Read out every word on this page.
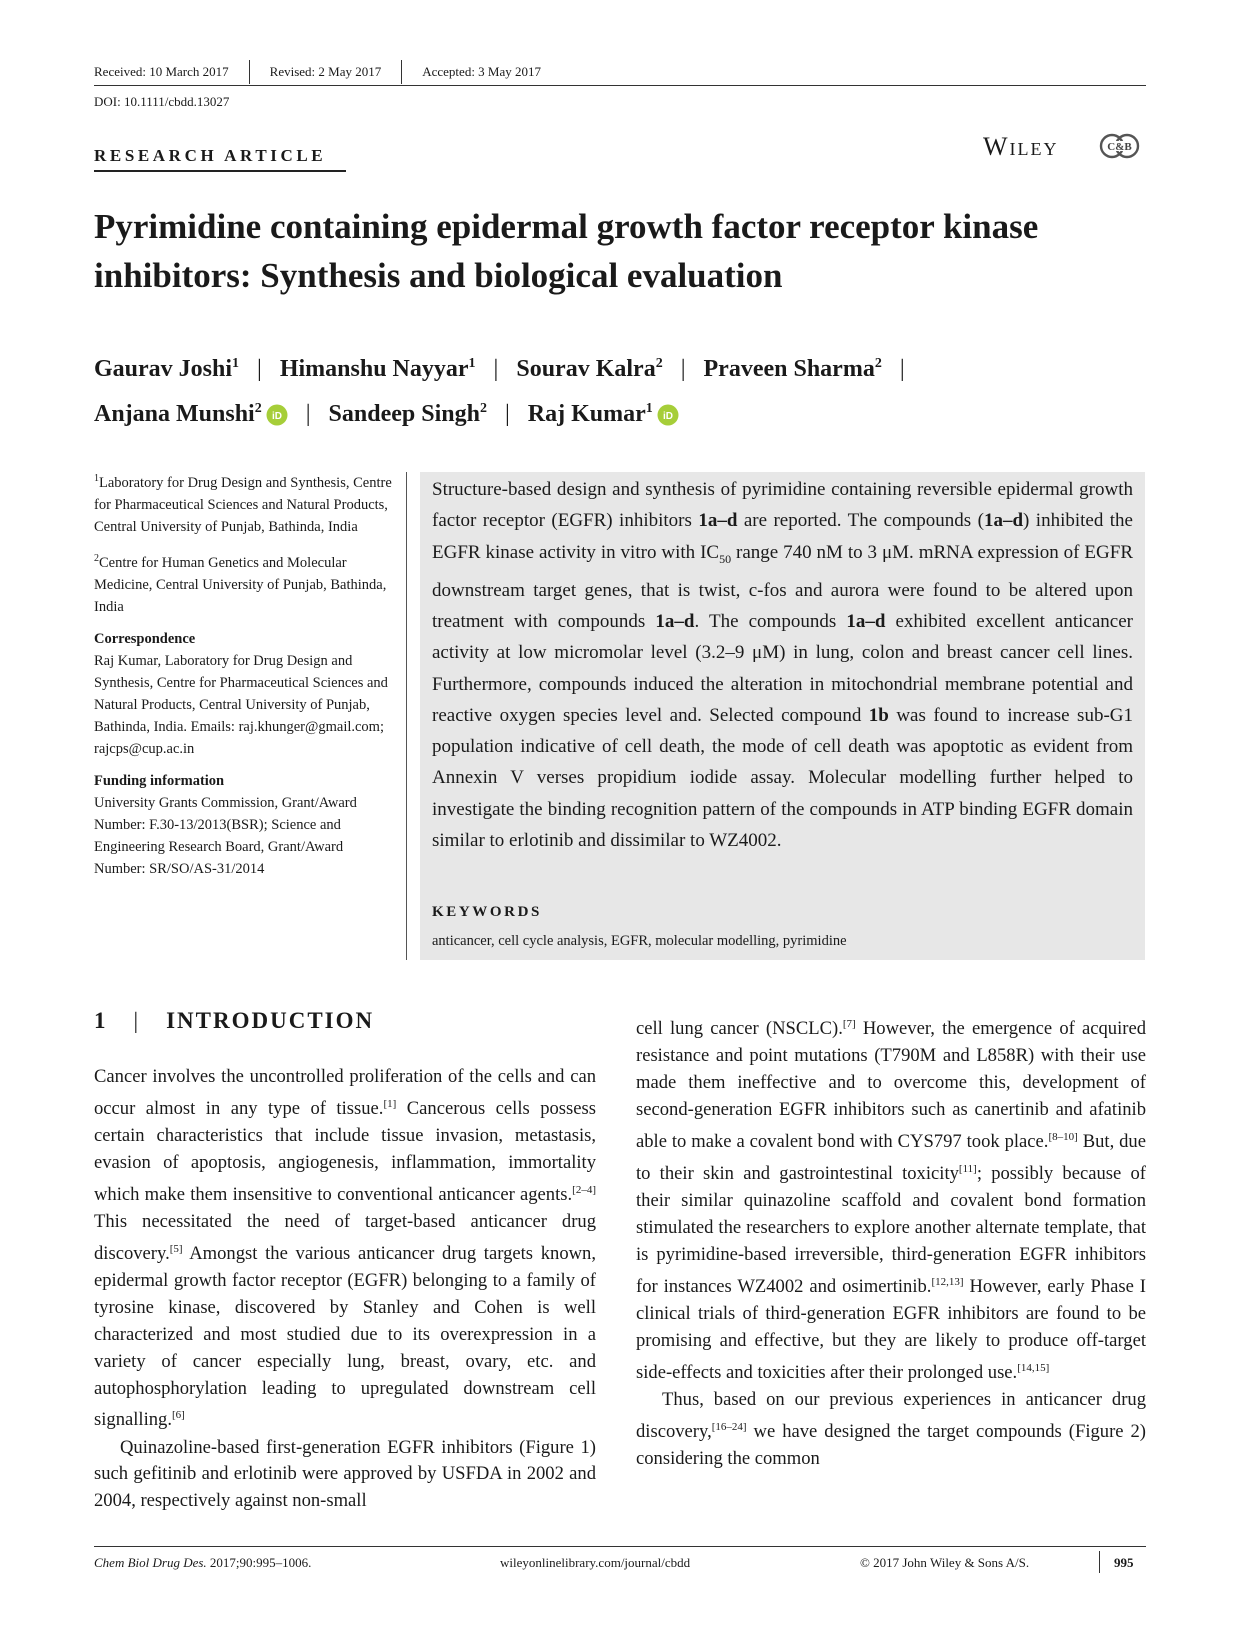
Received: 10 March 2017	Revised: 2 May 2017	Accepted: 3 May 2017
DOI: 10.1111/cbdd.13027
RESEARCH ARTICLE	Wiley	C&B
Pyrimidine containing epidermal growth factor receptor kinase inhibitors: Synthesis and biological evaluation
Gaurav Joshi$^1$ | Himanshu Nayyar$^1$ | Sourav Kalra$^2$ | Praveen Sharma$^2$ |
Anjana Munshi$^2$
iD | Sandeep Singh$^2$ | Raj Kumar$^1$
iD

$^1$Laboratory for Drug Design and Synthesis, Centre for Pharmaceutical Sciences and Natural Products, Central University of Punjab, Bathinda, India

$^2$Centre for Human Genetics and Molecular Medicine, Central University of Punjab, Bathinda, India

Correspondence

Raj Kumar, Laboratory for Drug Design and Synthesis, Centre for Pharmaceutical Sciences and Natural Products, Central University of Punjab, Bathinda, India. Emails: raj.khunger@gmail.com; rajcps@cup.ac.in

Funding information

University Grants Commission, Grant/Award Number: F.30-13/2013(BSR); Science and Engineering Research Board, Grant/Award Number: SR/SO/AS-31/2014

Structure-based design and synthesis of pyrimidine containing reversible epidermal growth factor receptor (EGFR) inhibitors 1a–d are reported. The compounds (1a–d) inhibited the EGFR kinase activity in vitro with $IC_{50}$ range 740 nM to 3 μM. mRNA expression of EGFR downstream target genes, that is twist, c-fos and aurora were found to be altered upon treatment with compounds 1a–d. The compounds 1a–d exhibited excellent anticancer activity at low micromolar level (3.2–9 μM) in lung, colon and breast cancer cell lines. Furthermore, compounds induced the alteration in mitochondrial membrane potential and reactive oxygen species level and. Selected compound 1b was found to increase sub-G1 population indicative of cell death, the mode of cell death was apoptotic as evident from Annexin V verses propidium iodide assay. Molecular modelling further helped to investigate the binding recognition pattern of the compounds in ATP binding EGFR domain similar to erlotinib and dissimilar to WZ4002.

KEYWORDS
anticancer, cell cycle analysis, EGFR, molecular modelling, pyrimidine
1 | INTRODUCTION

Cancer involves the uncontrolled proliferation of the cells and can occur almost in any type of tissue.[1] Cancerous cells possess certain characteristics that include tissue invasion, metastasis, evasion of apoptosis, angiogenesis, inflammation, immortality which make them insensitive to conventional anticancer agents.[2–4] This necessitated the need of target-based anticancer drug discovery.[5] Amongst the various anticancer drug targets known, epidermal growth factor receptor (EGFR) belonging to a family of tyrosine kinase, discovered by Stanley and Cohen is well characterized and most studied due to its overexpression in a variety of cancer especially lung, breast, ovary, etc. and autophosphorylation leading to upregulated downstream cell signalling.[6]

Quinazoline-based first-generation EGFR inhibitors (Figure 1) such gefitinib and erlotinib were approved by USFDA in 2002 and 2004, respectively against non-small

cell lung cancer (NSCLC).[7] However, the emergence of acquired resistance and point mutations (T790M and L858R) with their use made them ineffective and to overcome this, development of second-generation EGFR inhibitors such as canertinib and afatinib able to make a covalent bond with CYS797 took place.[8–10] But, due to their skin and gastrointestinal toxicity[11]; possibly because of their similar quinazoline scaffold and covalent bond formation stimulated the researchers to explore another alternate template, that is pyrimidine-based irreversible, third-generation EGFR inhibitors for instances WZ4002 and osimertinib.[12,13] However, early Phase I clinical trials of third-generation EGFR inhibitors are found to be promising and effective, but they are likely to produce off-target side-effects and toxicities after their prolonged use.[14,15]

Thus, based on our previous experiences in anticancer drug discovery,[16–24] we have designed the target compounds (Figure 2) considering the common

Chem Biol Drug Des. 2017;90:995–1006.	wileyonlinelibrary.com/journal/cbdd	© 2017 John Wiley & Sons A/S.	995
